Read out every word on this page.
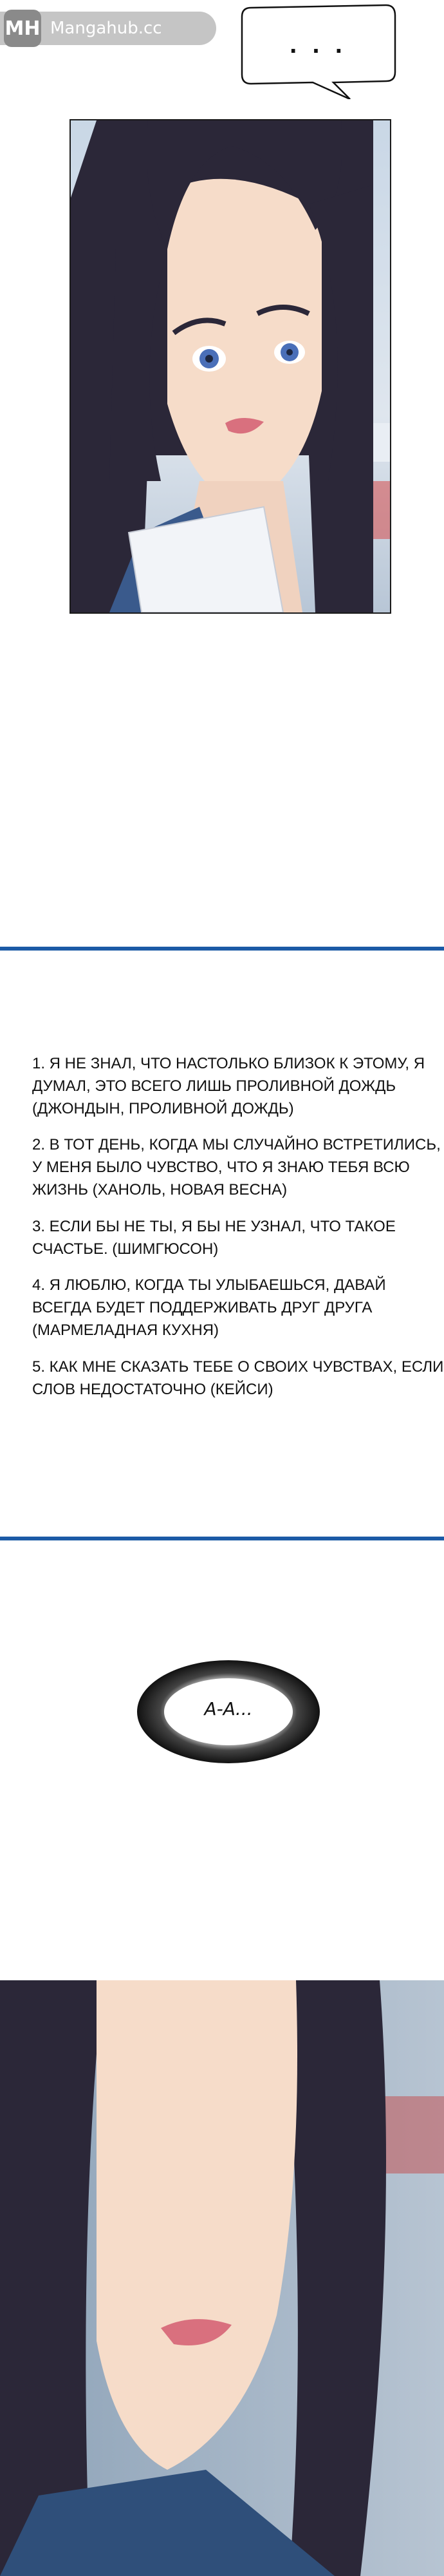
MH Mangahub.cc
. . .

1. Я НЕ ЗНАЛ, ЧТО НАСТОЛЬКО БЛИЗОК К ЭТОМУ, Я ДУМАЛ, ЭТО ВСЕГО ЛИШЬ ПРОЛИВНОЙ ДОЖДЬ (ДЖОНДЫН, ПРОЛИВНОЙ ДОЖДЬ)

2. В ТОТ ДЕНЬ, КОГДА МЫ СЛУЧАЙНО ВСТРЕТИЛИСЬ, У МЕНЯ БЫЛО ЧУВСТВО, ЧТО Я ЗНАЮ ТЕБЯ ВСЮ ЖИЗНЬ (ХАНОЛЬ, НОВАЯ ВЕСНА)

3. ЕСЛИ БЫ НЕ ТЫ, Я БЫ НЕ УЗНАЛ, ЧТО ТАКОЕ СЧАСТЬЕ. (ШИМГЮСОН)

4. Я ЛЮБЛЮ, КОГДА ТЫ УЛЫБАЕШЬСЯ, ДАВАЙ ВСЕГДА БУДЕТ ПОДДЕРЖИВАТЬ ДРУГ ДРУГА (МАРМЕЛАДНАЯ КУХНЯ)

5. КАК МНЕ СКАЗАТЬ ТЕБЕ О СВОИХ ЧУВСТВАХ, ЕСЛИ СЛОВ НЕДОСТАТОЧНО (КЕЙСИ)

А-А...
